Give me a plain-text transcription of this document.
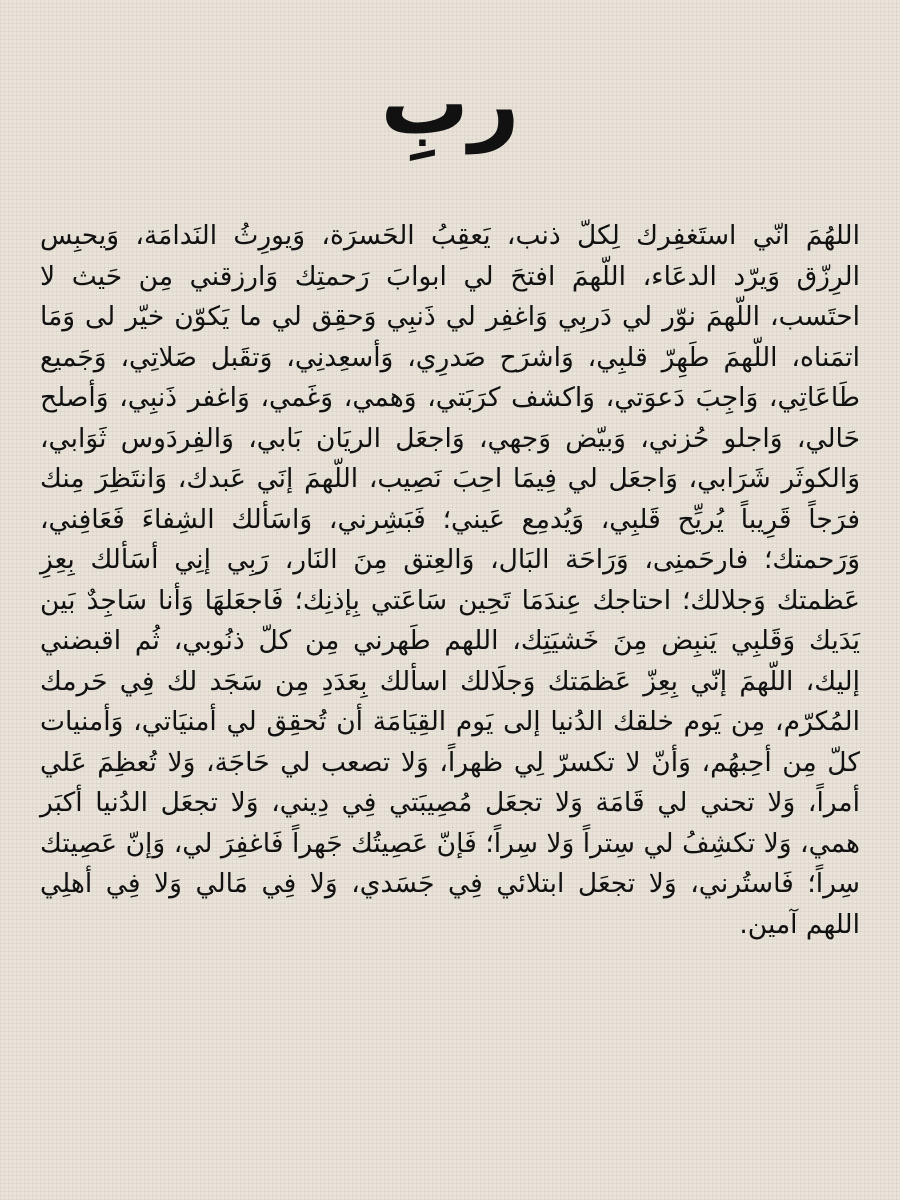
ربِ

اللهُمَ انّي استَغفِرك لِكلّ ذنب، يَعقِبُ الحَسرَة، وَيورِثُ النَدامَة، وَيحبِس الرِزّق وَيرّد الدعَاء، اللّهمَ افتحَ لي ابوابَ رَحمتِك وَارزقني مِن حَيث لا احتَسب، اللّهمَ نوّر لي دَربِي وَاغفِر لي ذَنبِي وَحقِق لي ما يَكوّن خيّر لى وَمَا اتمَناه، اللّهمَ طَهِرّ قلبِي، وَاشرَح صَدرِي، وَأسعِدنِي، وَتقَبل صَلاتِي، وَجَميع طَاعَاتِي، وَاجِبَ دَعوَتي، وَاكشف كرَبَتي، وَهمي، وَغَمي، وَاغفر ذَنبِي، وَأصلح حَالي، وَاجلو حُزني، وَبيّض وَجهي، وَاجعَل الريَان بَابي، وَالفِردَوس ثَوَابي، وَالكوثَر شَرَابي، وَاجعَل لي فِيمَا احِبَ نَصِيب، اللّهمَ إنَي عَبدك، وَانتَظِرَ مِنك فرَجاً قَرِيباً يُريِّح قَلبِي، وَيُدمِع عَيني؛ فَبَشِرني، وَاسَألك الشِفاءَ فَعَافِني، وَرَحمتك؛ فارحَمنِى، وَرَاحَة البَال، وَالعِتق مِنَ النَار، رَبِي إنِي أسَألك بِعِزِ عَظمتك وَجلالك؛ احتاجك عِندَمَا تَحِين سَاعَتي بِإذنِك؛ فَاجعَلهَا وَأنا سَاجِدٌ بَين يَدَيك وَقَلبِي يَنبِض مِنَ خَشيَتِك، اللهم طَهرني مِن كلّ ذنُوبي، ثُم اقبضني إليك، اللّهمَ إنّي بِعِزّ عَظمَتك وَجلَالك اسألك بِعَدَدِ مِن سَجَد لك فِي حَرمك المُكرّم، مِن يَوم خلقك الدُنيا إلى يَوم القِيَامَة أن تُحقِق لي أمنيَاتي، وَأمنيات كلّ مِن أحِبهُم، وَأنّ لا تكسرّ لِي ظهراً، وَلا تصعب لي حَاجَة، وَلا تُعظِمَ عَلي أمراً، وَلا تحني لي قَامَة وَلا تجعَل مُصِيبَتي فِي دِيني، وَلا تجعَل الدُنيا أكبَر همي، وَلا تكشِفُ لي سِتراً وَلا سِراً؛ فَإنّ عَصِيتُك جَهراً فَاغفِرَ لي، وَإنّ عَصِيتك سِراً؛ فَاستُرني، وَلا تجعَل ابتلائي فِي جَسَدي، وَلا فِي مَالي وَلا فِي أهلِي اللهم آمين.
